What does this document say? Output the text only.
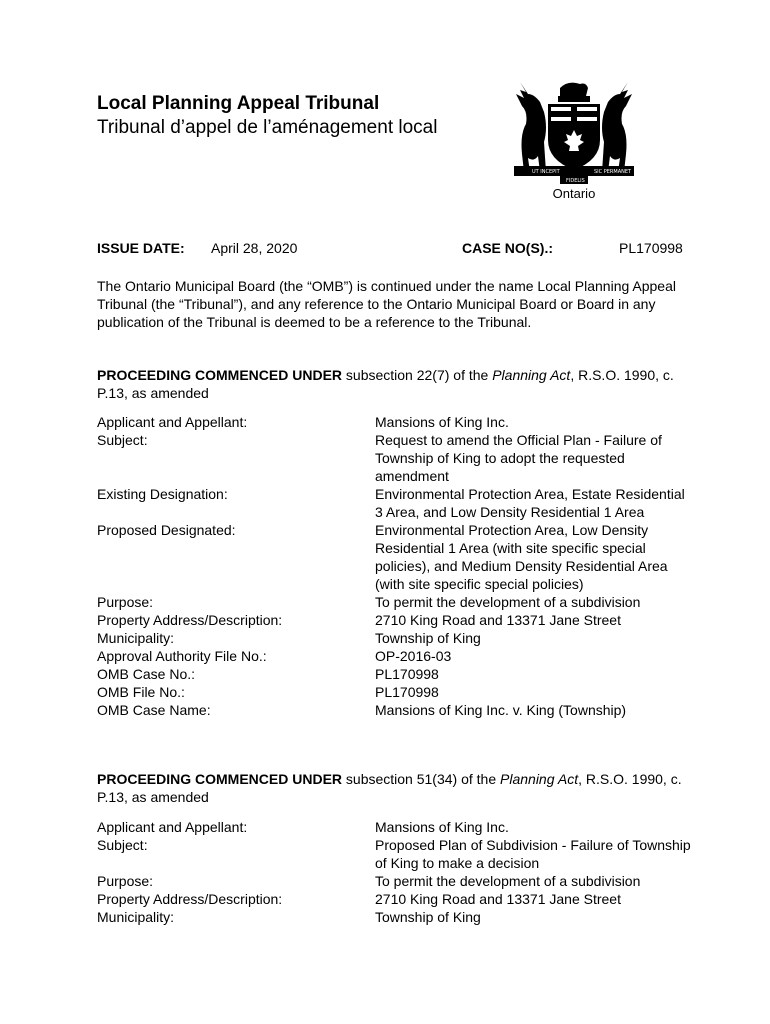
Local Planning Appeal Tribunal
Tribunal d’appel de l’aménagement local
UT INCEPIT	SIC PERMANET
FIDELIS
Ontario
ISSUE DATE: April 28, 2020	CASE NO(S).:	PL170998
The Ontario Municipal Board (the “OMB”) is continued under the name Local Planning Appeal Tribunal (the “Tribunal”), and any reference to the Ontario Municipal Board or Board in any publication of the Tribunal is deemed to be a reference to the Tribunal.
PROCEEDING COMMENCED UNDER subsection 22(7) of the Planning Act, R.S.O. 1990, c. P.13, as amended
Applicant and Appellant:	Mansions of King Inc.
Subject:	Request to amend the Official Plan - Failure of Township of King to adopt the requested amendment
Existing Designation:	Environmental Protection Area, Estate Residential 3 Area, and Low Density Residential 1 Area
Proposed Designated:	Environmental Protection Area, Low Density Residential 1 Area (with site specific special policies), and Medium Density Residential Area (with site specific special policies)
Purpose:	To permit the development of a subdivision
Property Address/Description:	2710 King Road and 13371 Jane Street
Municipality:	Township of King
Approval Authority File No.:	OP-2016-03
OMB Case No.:	PL170998
OMB File No.:	PL170998
OMB Case Name:	Mansions of King Inc. v. King (Township)
PROCEEDING COMMENCED UNDER subsection 51(34) of the Planning Act, R.S.O. 1990, c. P.13, as amended
Applicant and Appellant:	Mansions of King Inc.
Subject:	Proposed Plan of Subdivision - Failure of Township of King to make a decision
Purpose:	To permit the development of a subdivision
Property Address/Description:	2710 King Road and 13371 Jane Street
Municipality:	Township of King
